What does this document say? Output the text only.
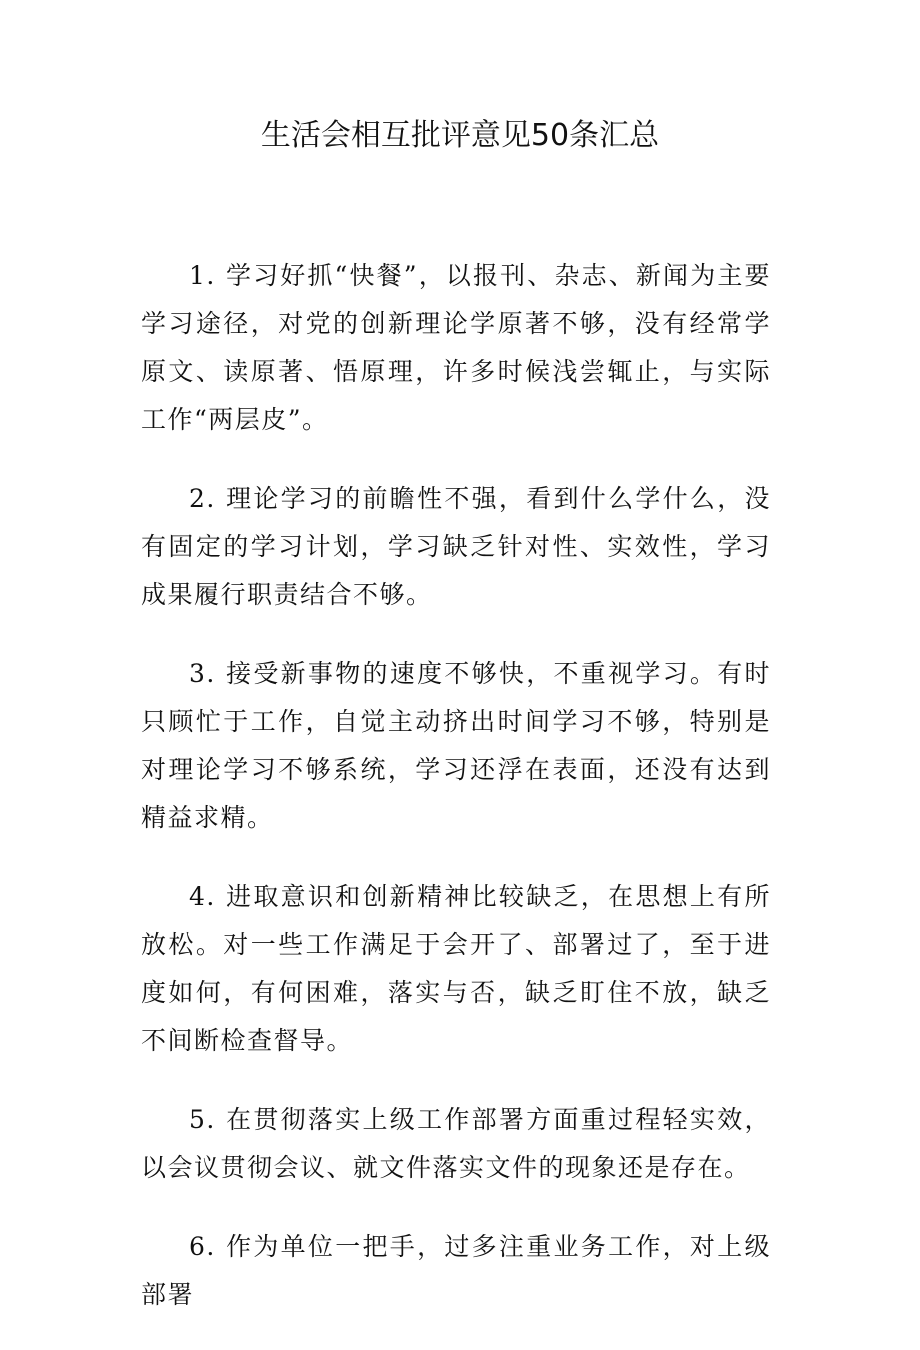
生活会相互批评意见50条汇总

1. 学习好抓“快餐”，以报刊、杂志、新闻为主要学习途径，对党的创新理论学原著不够，没有经常学原文、读原著、悟原理，许多时候浅尝辄止，与实际工作“两层皮”。

2. 理论学习的前瞻性不强，看到什么学什么，没有固定的学习计划，学习缺乏针对性、实效性，学习成果履行职责结合不够。

3. 接受新事物的速度不够快，不重视学习。有时只顾忙于工作，自觉主动挤出时间学习不够，特别是对理论学习不够系统，学习还浮在表面，还没有达到精益求精。

4. 进取意识和创新精神比较缺乏，在思想上有所放松。对一些工作满足于会开了、部署过了，至于进度如何，有何困难，落实与否，缺乏盯住不放，缺乏不间断检查督导。

5. 在贯彻落实上级工作部署方面重过程轻实效，以会议贯彻会议、就文件落实文件的现象还是存在。

6. 作为单位一把手，过多注重业务工作，对上级部署
